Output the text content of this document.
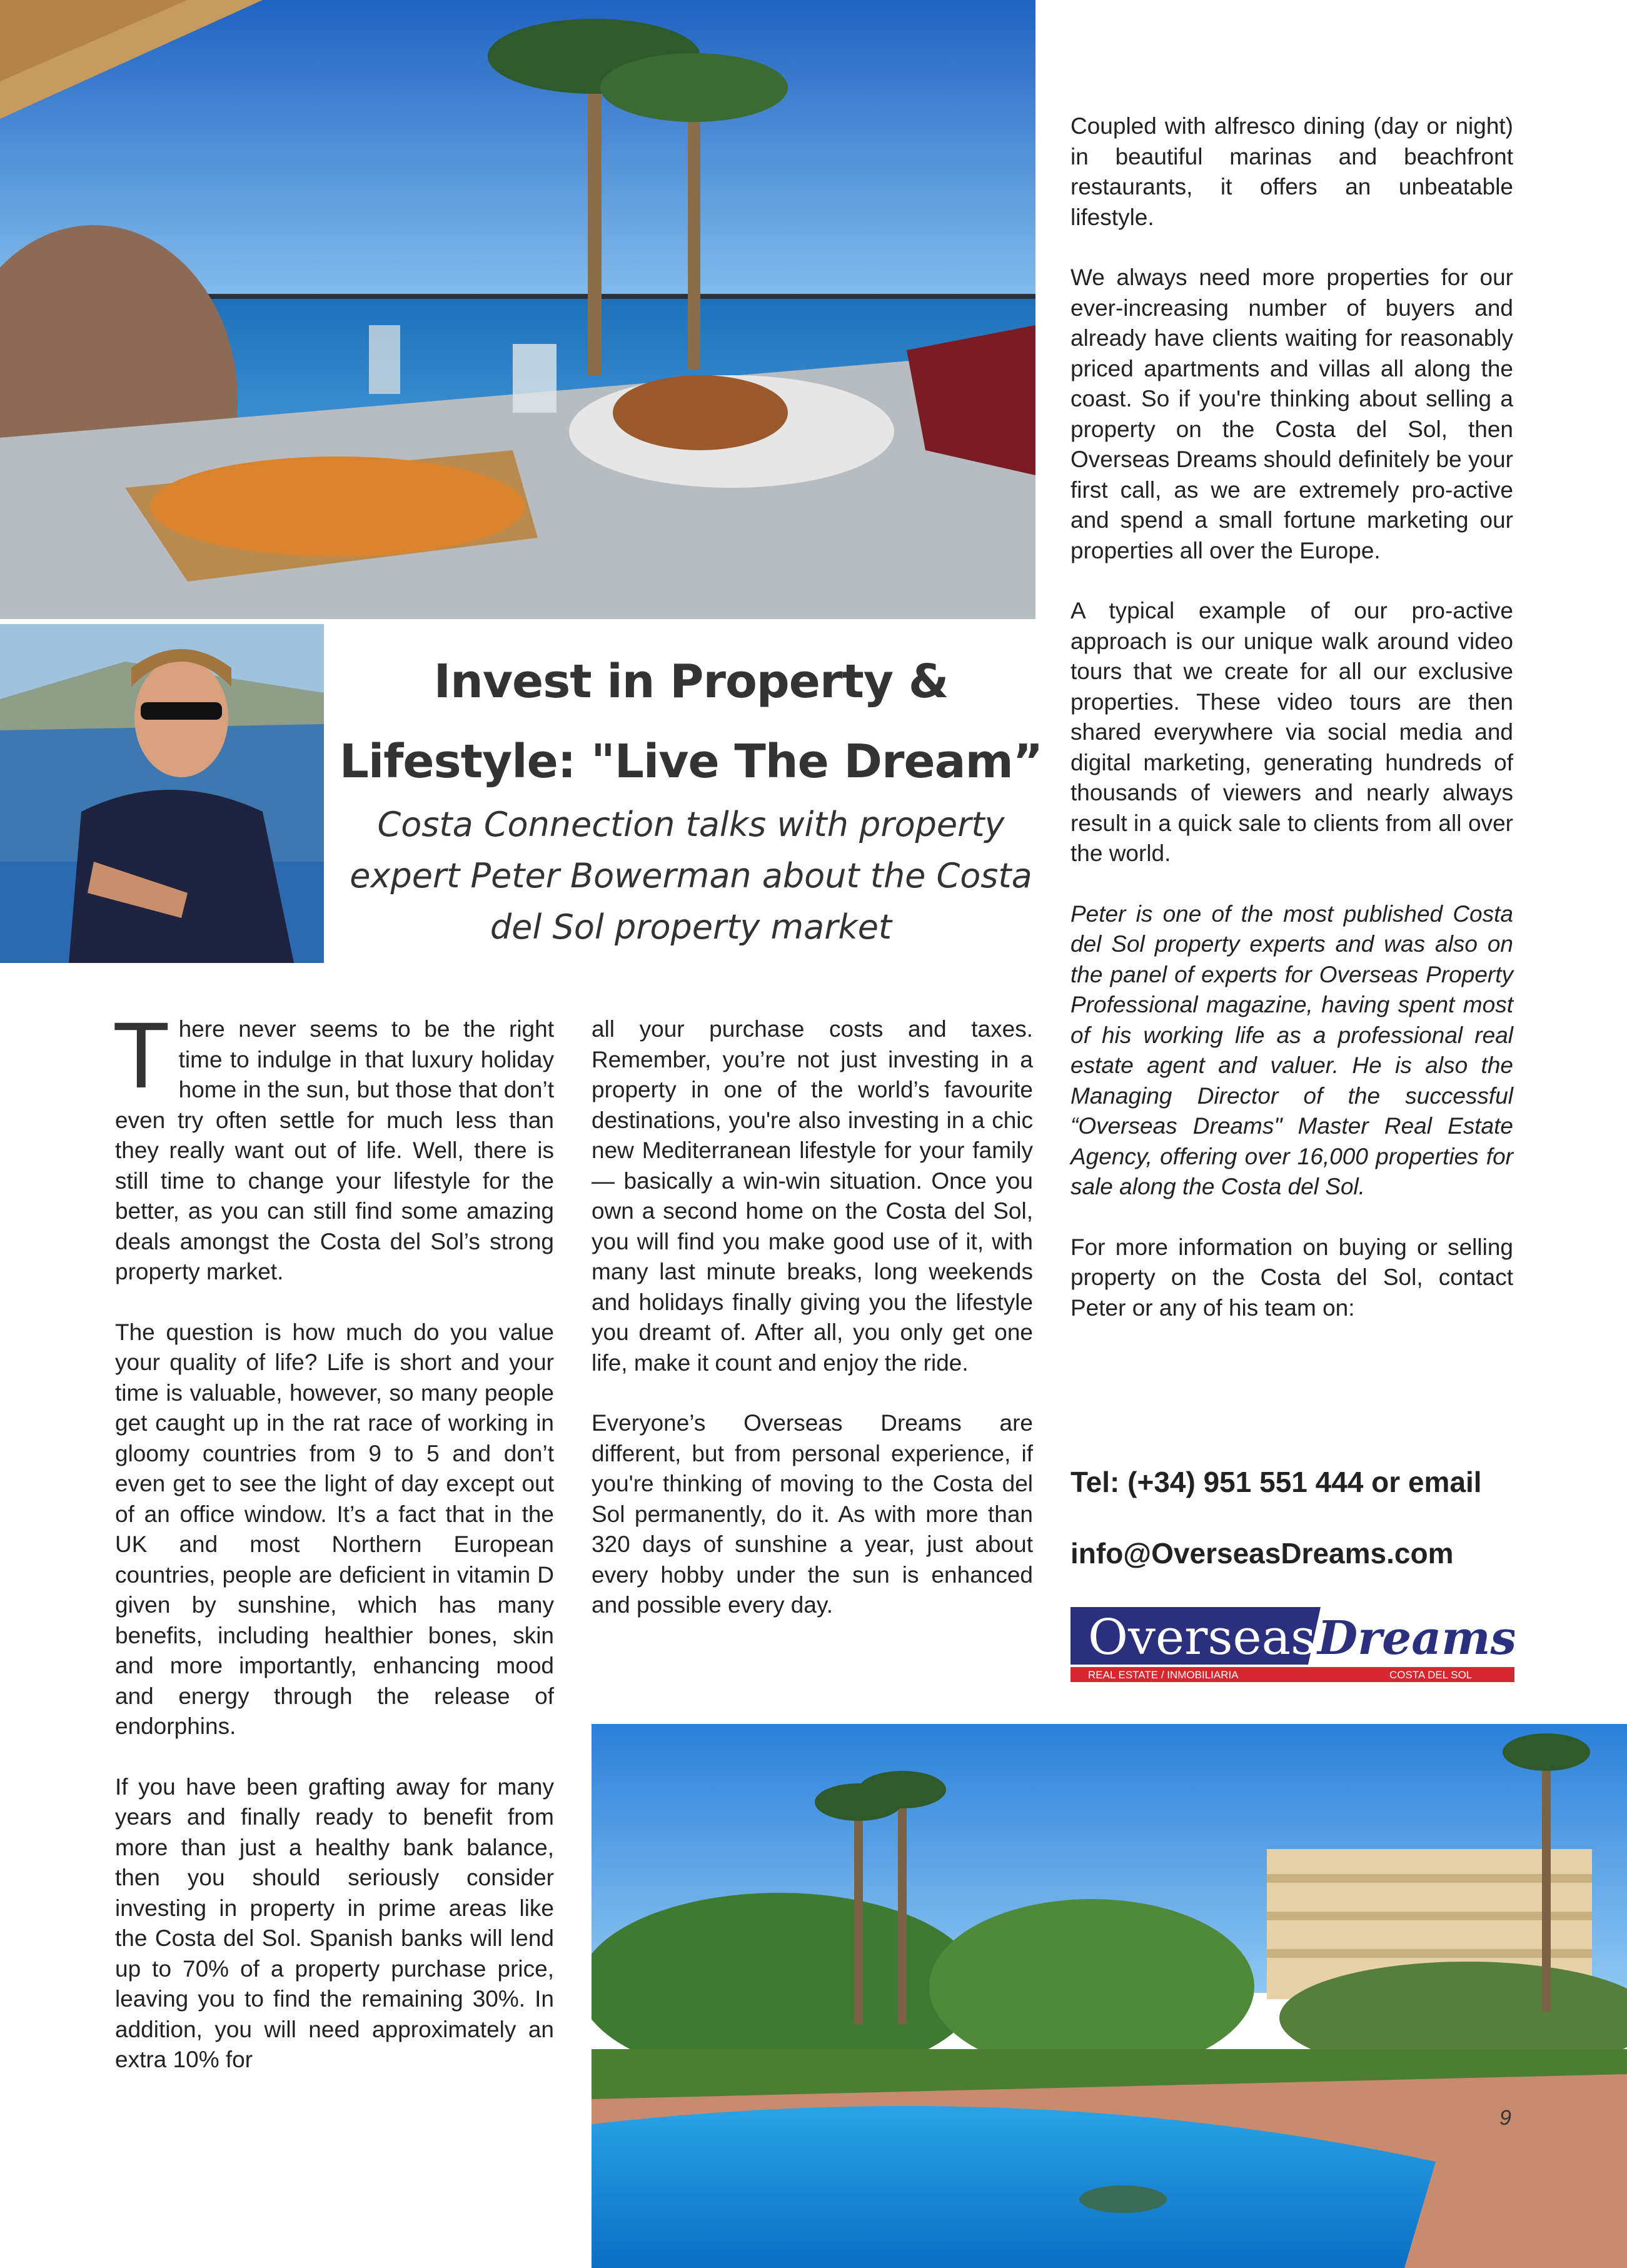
Invest in Property & Lifestyle: "Live The Dream”
Costa Connection talks with property expert Peter Bowerman about the Costa del Sol property market

There never seems to be the right time to indulge in that luxury holiday home in the sun, but those that don’t even try often settle for much less than they really want out of life. Well, there is still time to change your lifestyle for the better, as you can still find some amazing deals amongst the Costa del Sol’s strong property market.

The question is how much do you value your quality of life? Life is short and your time is valuable, however, so many people get caught up in the rat race of working in gloomy countries from 9 to 5 and don’t even get to see the light of day except out of an office window. It’s a fact that in the UK and most Northern European countries, people are deficient in vitamin D given by sunshine, which has many benefits, including healthier bones, skin and more importantly, enhancing mood and energy through the release of endorphins.

If you have been grafting away for many years and finally ready to benefit from more than just a healthy bank balance, then you should seriously consider investing in property in prime areas like the Costa del Sol. Spanish banks will lend up to 70% of a property purchase price, leaving you to find the remaining 30%. In addition, you will need approximately an extra 10% for

all your purchase costs and taxes. Remember, you’re not just investing in a property in one of the world’s favourite destinations, you're also investing in a chic new Mediterranean lifestyle for your family — basically a win-win situation. Once you own a second home on the Costa del Sol, you will find you make good use of it, with many last minute breaks, long weekends and holidays finally giving you the lifestyle you dreamt of. After all, you only get one life, make it count and enjoy the ride.

Everyone’s Overseas Dreams are different, but from personal experience, if you're thinking of moving to the Costa del Sol permanently, do it. As with more than 320 days of sunshine a year, just about every hobby under the sun is enhanced and possible every day.

Coupled with alfresco dining (day or night) in beautiful marinas and beachfront restaurants, it offers an unbeatable lifestyle.

We always need more properties for our ever-increasing number of buyers and already have clients waiting for reasonably priced apartments and villas all along the coast. So if you're thinking about selling a property on the Costa del Sol, then Overseas Dreams should definitely be your first call, as we are extremely pro-active and spend a small fortune marketing our properties all over the Europe.

A typical example of our pro-active approach is our unique walk around video tours that we create for all our exclusive properties. These video tours are then shared everywhere via social media and digital marketing, generating hundreds of thousands of viewers and nearly always result in a quick sale to clients from all over the world.

Peter is one of the most published Costa del Sol property experts and was also on the panel of experts for Overseas Property Professional magazine, having spent most of his working life as a professional real estate agent and valuer. He is also the Managing Director of the successful “Overseas Dreams" Master Real Estate Agency, offering over 16,000 properties for sale along the Costa del Sol.

For more information on buying or selling property on the Costa del Sol, contact Peter or any of his team on:

Tel: (+34) 951 551 444 or email
info@OverseasDreams.com
Overseas Dreams
REAL ESTATE / INMOBILIARIA	COSTA DEL SOL
9
